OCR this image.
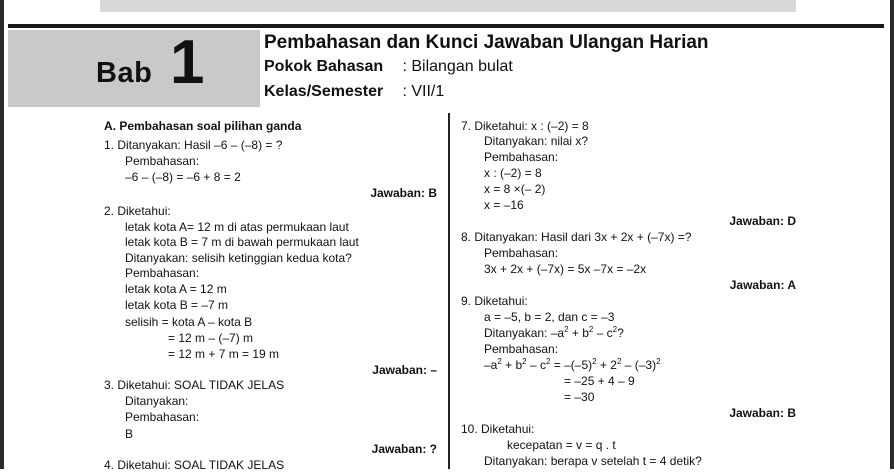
Bab 1	Pembahasan dan Kunci Jawaban Ulangan Harian
Pokok Bahasan : Bilangan bulat
Kelas/Semester : VII/1
A. Pembahasan soal pilihan ganda
1. Ditanyakan: Hasil –6 – (–8) = ?
Pembahasan:
–6 – (–8) = –6 + 8 = 2
Jawaban: B
2. Diketahui:
letak kota A= 12 m di atas permukaan laut
letak kota B = 7 m di bawah permukaan laut
Ditanyakan: selisih ketinggian kedua kota?
Pembahasan:
letak kota A = 12 m
letak kota B = –7 m
selisih = kota A – kota B
= 12 m – (–7) m
= 12 m + 7 m = 19 m
Jawaban: –
3. Diketahui: SOAL TIDAK JELAS
Ditanyakan:
Pembahasan:
B
Jawaban: ?
4. Diketahui: SOAL TIDAK JELAS
7. Diketahui: x : (–2) = 8
Ditanyakan: nilai x?
Pembahasan:
x : (–2) = 8
x = 8 ×(– 2)
x = –16
Jawaban: D
8. Ditanyakan: Hasil dari 3x + 2x + (–7x) =?
Pembahasan:
3x + 2x + (–7x) = 5x –7x = –2x
Jawaban: A
9. Diketahui:
a = –5, b = 2, dan c = –3
Ditanyakan: $-a^2 + b^2 - c^2$?
Pembahasan:
$-a^2 + b^2 - c^2 = -(-5)^2 + 2^2 - (-3)^2$
= –25 + 4 – 9
= –30
Jawaban: B
10. Diketahui:
kecepatan = v = q . t
Ditanyakan: berapa v setelah t = 4 detik?
